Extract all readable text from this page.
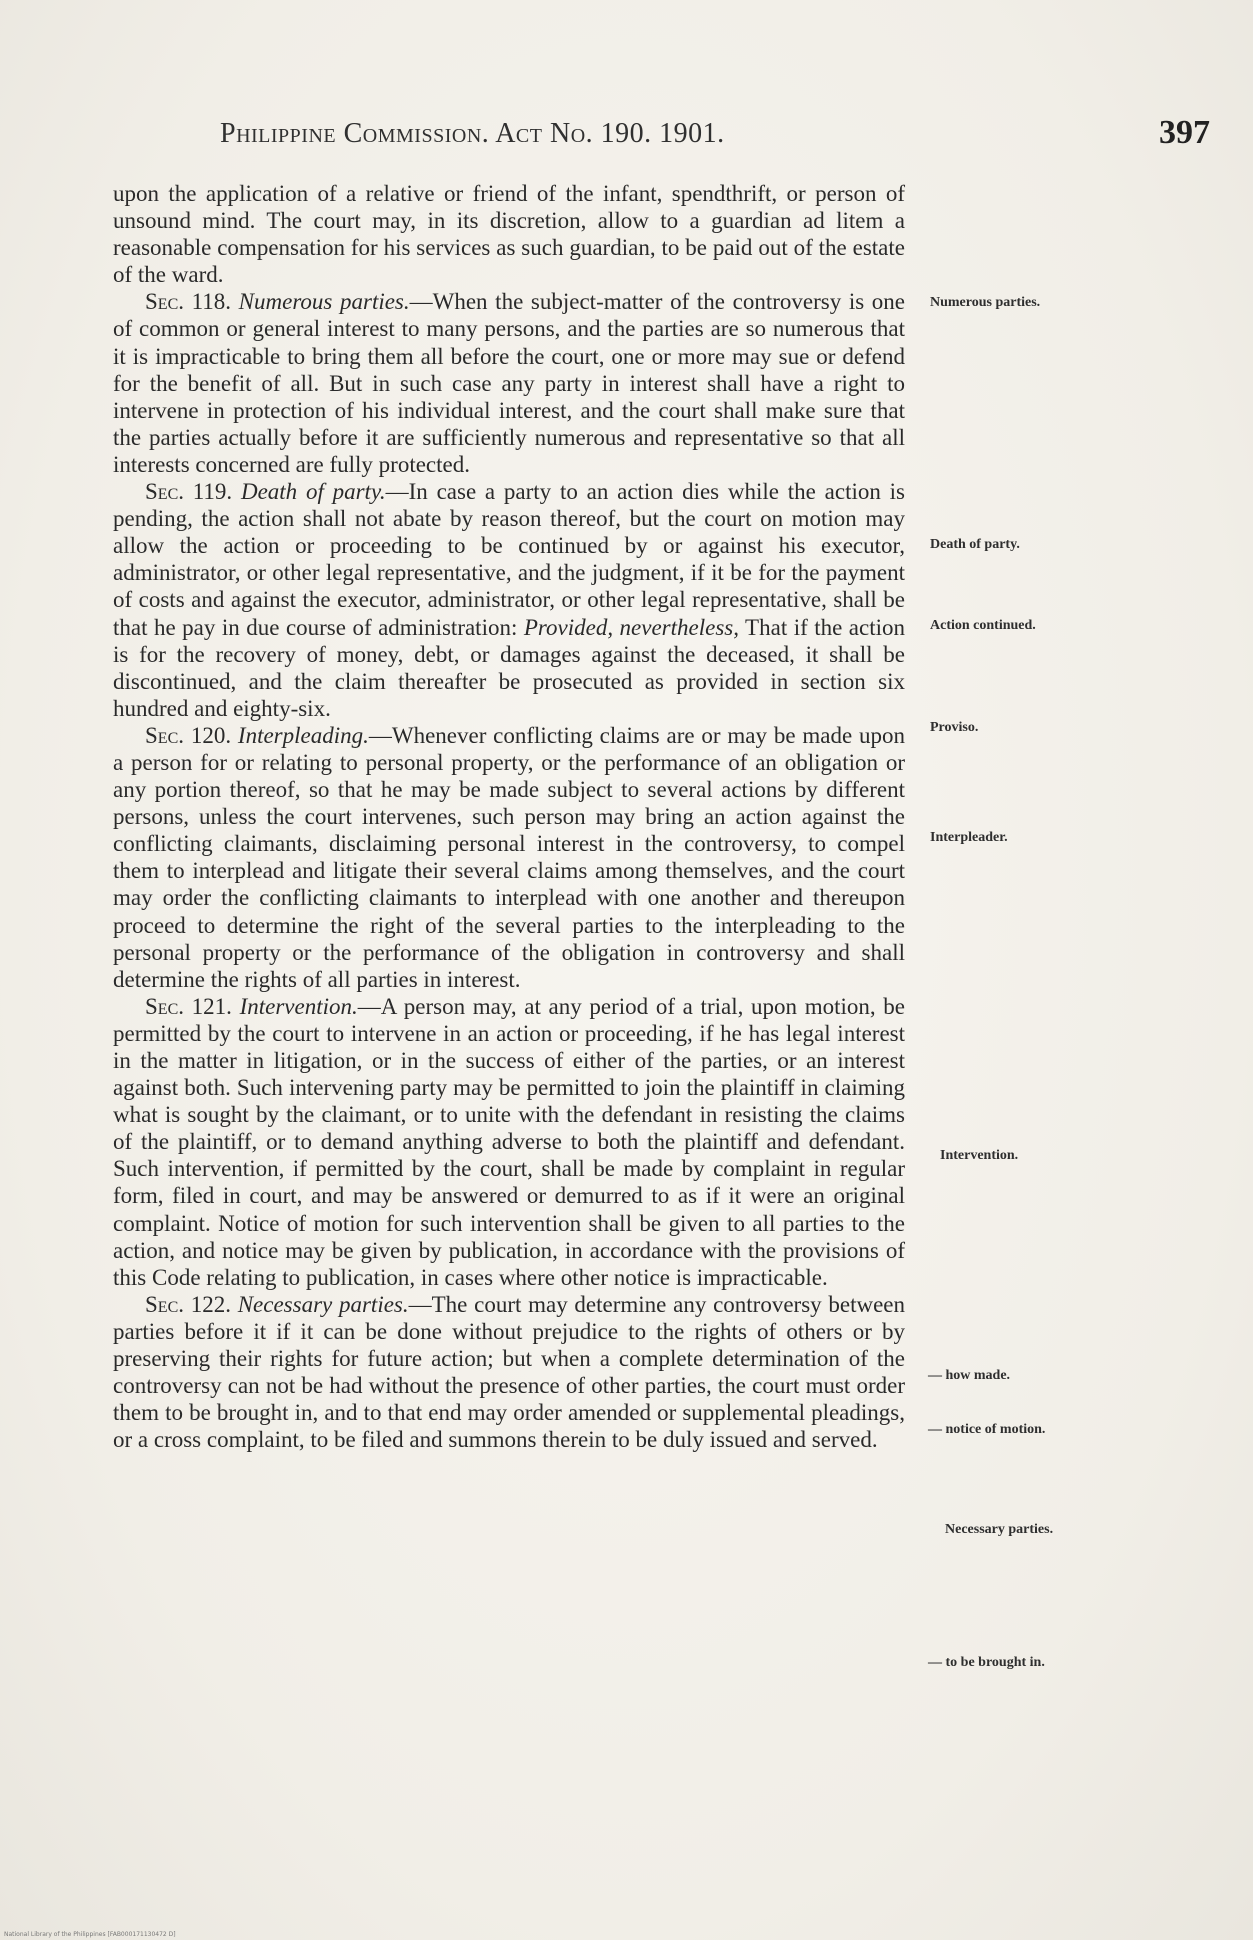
Philippine Commission. Act No. 190. 1901.	397

upon the application of a relative or friend of the infant, spendthrift, or person of unsound mind. The court may, in its discretion, allow to a guardian ad litem a reasonable compensation for his services as such guardian, to be paid out of the estate of the ward.

Sec. 118. Numerous parties.—When the subject-matter of the controversy is one of common or general interest to many persons, and the parties are so numerous that it is impracticable to bring them all before the court, one or more may sue or defend for the benefit of all. But in such case any party in interest shall have a right to intervene in protection of his individual interest, and the court shall make sure that the parties actually before it are sufficiently numerous and representative so that all interests concerned are fully protected.

Sec. 119. Death of party.—In case a party to an action dies while the action is pending, the action shall not abate by reason thereof, but the court on motion may allow the action or proceeding to be continued by or against his executor, administrator, or other legal representative, and the judgment, if it be for the payment of costs and against the executor, administrator, or other legal representative, shall be that he pay in due course of administration: Provided, nevertheless, That if the action is for the recovery of money, debt, or damages against the deceased, it shall be discontinued, and the claim thereafter be prosecuted as provided in section six hundred and eighty-six.

Sec. 120. Interpleading.—Whenever conflicting claims are or may be made upon a person for or relating to personal property, or the performance of an obligation or any portion thereof, so that he may be made subject to several actions by different persons, unless the court intervenes, such person may bring an action against the conflicting claimants, disclaiming personal interest in the controversy, to compel them to interplead and litigate their several claims among themselves, and the court may order the conflicting claimants to interplead with one another and thereupon proceed to determine the right of the several parties to the interpleading to the personal property or the performance of the obligation in controversy and shall determine the rights of all parties in interest.

Sec. 121. Intervention.—A person may, at any period of a trial, upon motion, be permitted by the court to intervene in an action or proceeding, if he has legal interest in the matter in litigation, or in the success of either of the parties, or an interest against both. Such intervening party may be permitted to join the plaintiff in claiming what is sought by the claimant, or to unite with the defendant in resisting the claims of the plaintiff, or to demand anything adverse to both the plaintiff and defendant. Such intervention, if permitted by the court, shall be made by complaint in regular form, filed in court, and may be answered or demurred to as if it were an original complaint. Notice of motion for such intervention shall be given to all parties to the action, and notice may be given by publication, in accordance with the provisions of this Code relating to publication, in cases where other notice is impracticable.

Sec. 122. Necessary parties.—The court may determine any controversy between parties before it if it can be done without prejudice to the rights of others or by preserving their rights for future action; but when a complete determination of the controversy can not be had without the presence of other parties, the court must order them to be brought in, and to that end may order amended or supplemental pleadings, or a cross complaint, to be filed and summons therein to be duly issued and served.

Numerous parties.
Death of party.
Action continued.
Proviso.
Interpleader.
Intervention.
— how made.
— notice of motion.
Necessary parties.
— to be brought in.
National Library of the Philippines [FAB000171130472 D]
